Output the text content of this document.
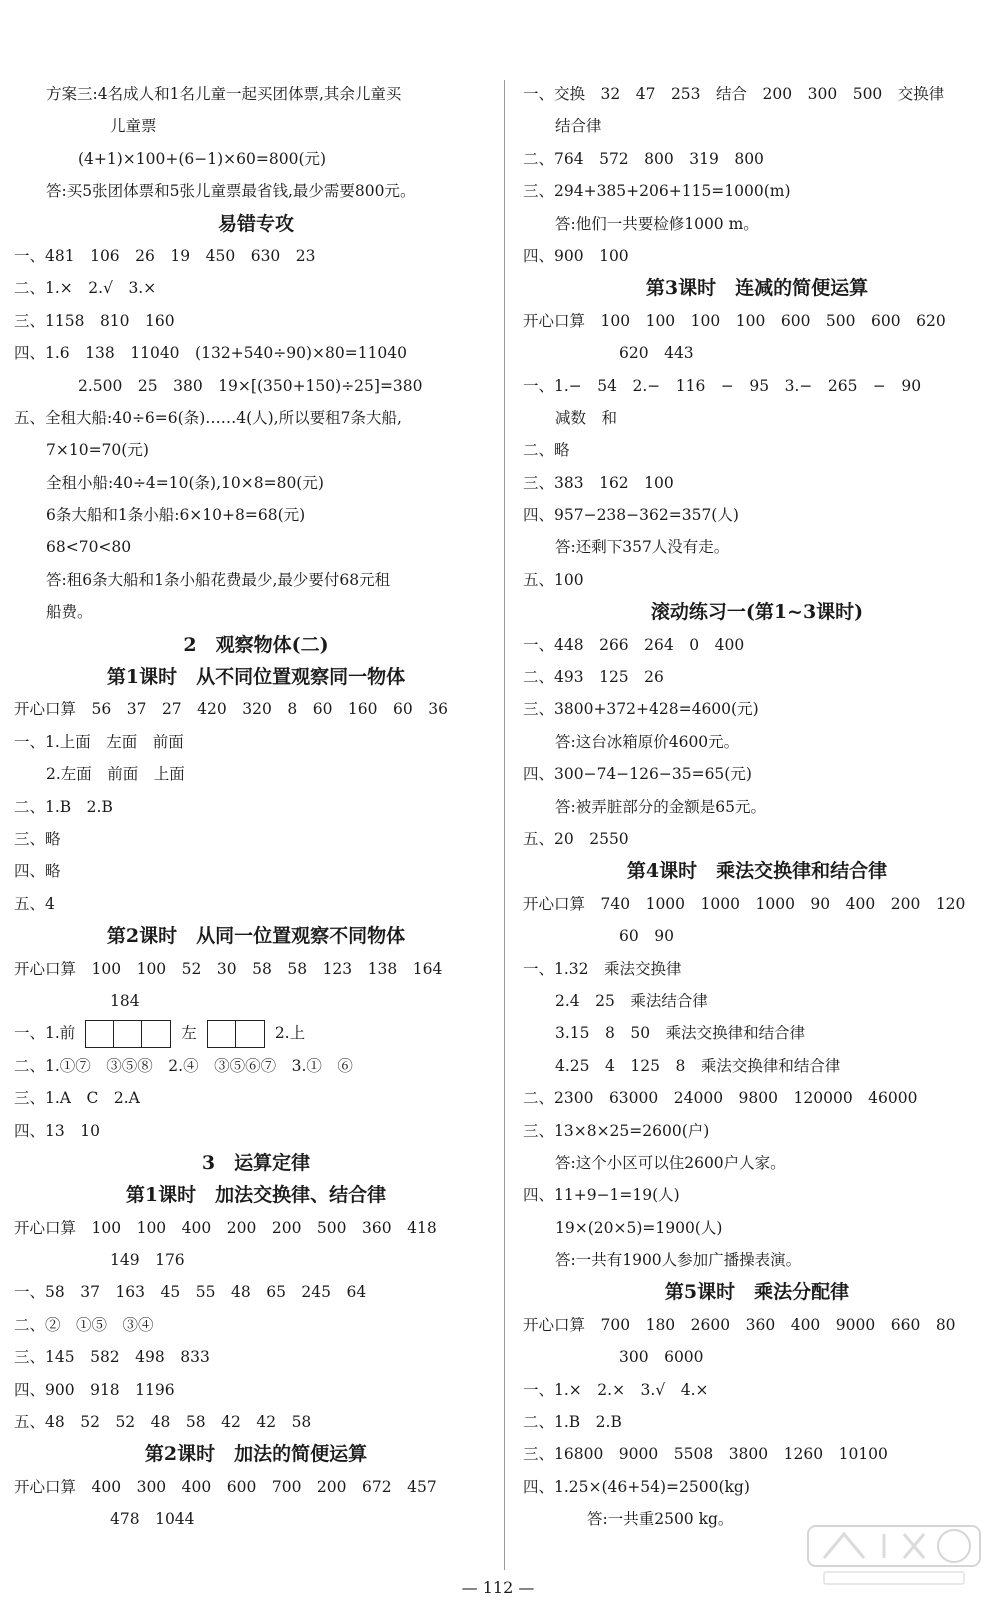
方案三:4名成人和1名儿童一起买团体票,其余儿童买
儿童票
(4+1)×100+(6−1)×60=800(元)
答:买5张团体票和5张儿童票最省钱,最少需要800元。
易错专攻
一、481　106　26　19　450　630　23
二、1.×　2.√　3.×
三、1158　810　160
四、1.6　138　11040　(132+540÷90)×80=11040
2.500　25　380　19×[(350+150)÷25]=380
五、全租大船:40÷6=6(条)……4(人),所以要租7条大船,
7×10=70(元)
全租小船:40÷4=10(条),10×8=80(元)
6条大船和1条小船:6×10+8=68(元)
68<70<80
答:租6条大船和1条小船花费最少,最少要付68元租
船费。
2　观察物体(二)
第1课时　从不同位置观察同一物体
开心口算　56　37　27　420　320　8　60　160　60　36
一、1.上面　左面　前面
2.左面　前面　上面
二、1.B　2.B
三、略
四、略
五、4
第2课时　从同一位置观察不同物体
开心口算　100　100　52　30　58　58　123　138　164
184
一、1.前	左	2.上
二、1.①⑦　③⑤⑧　2.④　③⑤⑥⑦　3.①　⑥
三、1.A　C　2.A
四、13　10
3　运算定律
第1课时　加法交换律、结合律
开心口算　100　100　400　200　200　500　360　418
149　176
一、58　37　163　45　55　48　65　245　64
二、②　①⑤　③④
三、145　582　498　833
四、900　918　1196
五、48　52　52　48　58　42　42　58
第2课时　加法的简便运算
开心口算　400　300　400　600　700　200　672　457
478　1044
一、交换　32　47　253　结合　200　300　500　交换律
结合律
二、764　572　800　319　800
三、294+385+206+115=1000(m)
答:他们一共要检修1000 m。
四、900　100
第3课时　连减的简便运算
开心口算　100　100　100　100　600　500　600　620
620　443
一、1.−　54　2.−　116　−　95　3.−　265　−　90
减数　和
二、略
三、383　162　100
四、957−238−362=357(人)
答:还剩下357人没有走。
五、100
滚动练习一(第1~3课时)
一、448　266　264　0　400
二、493　125　26
三、3800+372+428=4600(元)
答:这台冰箱原价4600元。
四、300−74−126−35=65(元)
答:被弄脏部分的金额是65元。
五、20　2550
第4课时　乘法交换律和结合律
开心口算　740　1000　1000　1000　90　400　200　120
60　90
一、1.32　乘法交换律
2.4　25　乘法结合律
3.15　8　50　乘法交换律和结合律
4.25　4　125　8　乘法交换律和结合律
二、2300　63000　24000　9800　120000　46000
三、13×8×25=2600(户)
答:这个小区可以住2600户人家。
四、11+9−1=19(人)
19×(20×5)=1900(人)
答:一共有1900人参加广播操表演。
第5课时　乘法分配律
开心口算　700　180　2600　360　400　9000　660　80
300　6000
一、1.×　2.×　3.√　4.×
二、1.B　2.B
三、16800　9000　5508　3800　1260　10100
四、1.25×(46+54)=2500(kg)
答:一共重2500 kg。
— 112 —
